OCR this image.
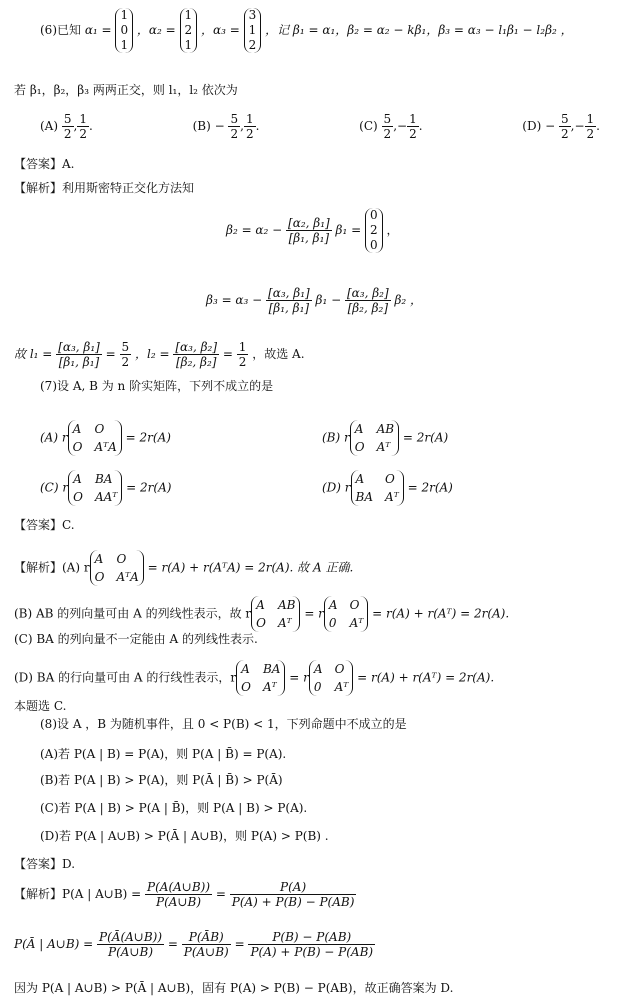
(6)已知 α₁ =
1
0
1
，α₂ =
1
2
1
，α₃ =
3
1
2
，记 β₁ = α₁，β₂ = α₂ − kβ₁，β₃ = α₃ − l₁β₁ − l₂β₂ ，
若 β₁，β₂，β₃ 两两正交，则 l₁，l₂ 依次为
$(A) \frac{5}{2}$ , $\frac{1}{2}$ .	$(B) - \frac{5}{2}$ , $\frac{1}{2}$ .	$(C) \frac{5}{2}$ ,− $\frac{1}{2}$ .	$(D) - \frac{5}{2}$ ,− $\frac{1}{2}$ .
【答案】A.
【解析】利用斯密特正交化方法知
$\beta_2 = \alpha_2 - \frac{\text{[α₂, β₁]}}{\text{[β₁, β₁]}} \beta_1$ =
0
2
0
，
$\beta_3 = \alpha_3 - \frac{\text{[α₃, β₁]}}{\text{[β₁, β₁]}} \beta_1 - \frac{\text{[α₃, β₂]}}{\text{[β₂, β₂]}} \beta_2$ ，
故 $l_1 = \frac{\text{[α₃, β₁]}}{\text{[β₁, β₁]}} = \frac{5}{2}$ ，$l_2 = \frac{\text{[α₃, β₂]}}{\text{[β₂, β₂]}} = \frac{1}{2}$ ，故选 A.
(7)设 A, B 为 n 阶实矩阵，下列不成立的是
(A) r
A O
O AᵀA
= 2r(A)	(B) r
A AB
O Aᵀ
= 2r(A)
(C) r
A BA
O AAᵀ
= 2r(A)	(D) r
A	O
BA Aᵀ
= 2r(A)
【答案】C.
【解析】(A) r
A O
O AᵀA
= r(A) + r(AᵀA) = 2r(A). 故 A 正确.
(B) AB 的列向量可由 A 的列线性表示，故 r
A AB
O Aᵀ
= r
A O
0 Aᵀ
= r(A) + r(Aᵀ) = 2r(A).
(C) BA 的列向量不一定能由 A 的列线性表示.
(D) BA 的行向量可由 A 的行线性表示，r
A BA
O Aᵀ
= r
A O
0 Aᵀ
= r(A) + r(Aᵀ) = 2r(A).
本题选 C.
(8)设 A ，B 为随机事件，且 0 < P(B) < 1，下列命题中不成立的是
(A)若 P(A | B) = P(A)，则 P(A | B̄) = P(A).
(B)若 P(A | B) > P(A)，则 P(Ā | B̄) > P(Ā)
(C)若 P(A | B) > P(A | B̄)，则 P(A | B) > P(A).
(D)若 P(A | A∪B) > P(Ā | A∪B)，则 P(A) > P(B) .
【答案】D.
【解析】P(A | A∪B) = $\frac{P(A(A\cup B))}{P(A\cup B)} = \frac{P(A)}{P(A) + P(B) - P(AB)}$
P(Ā | A∪B) = $\frac{P(Ā(A\cup B))}{P(A\cup B)} = \frac{P(ĀB)}{P(A\cup B)} = \frac{P(B) - P(AB)}{P(A) + P(B) - P(AB)}$
因为 P(A | A∪B) > P(Ā | A∪B)，固有 P(A) > P(B) − P(AB)，故正确答案为 D.
